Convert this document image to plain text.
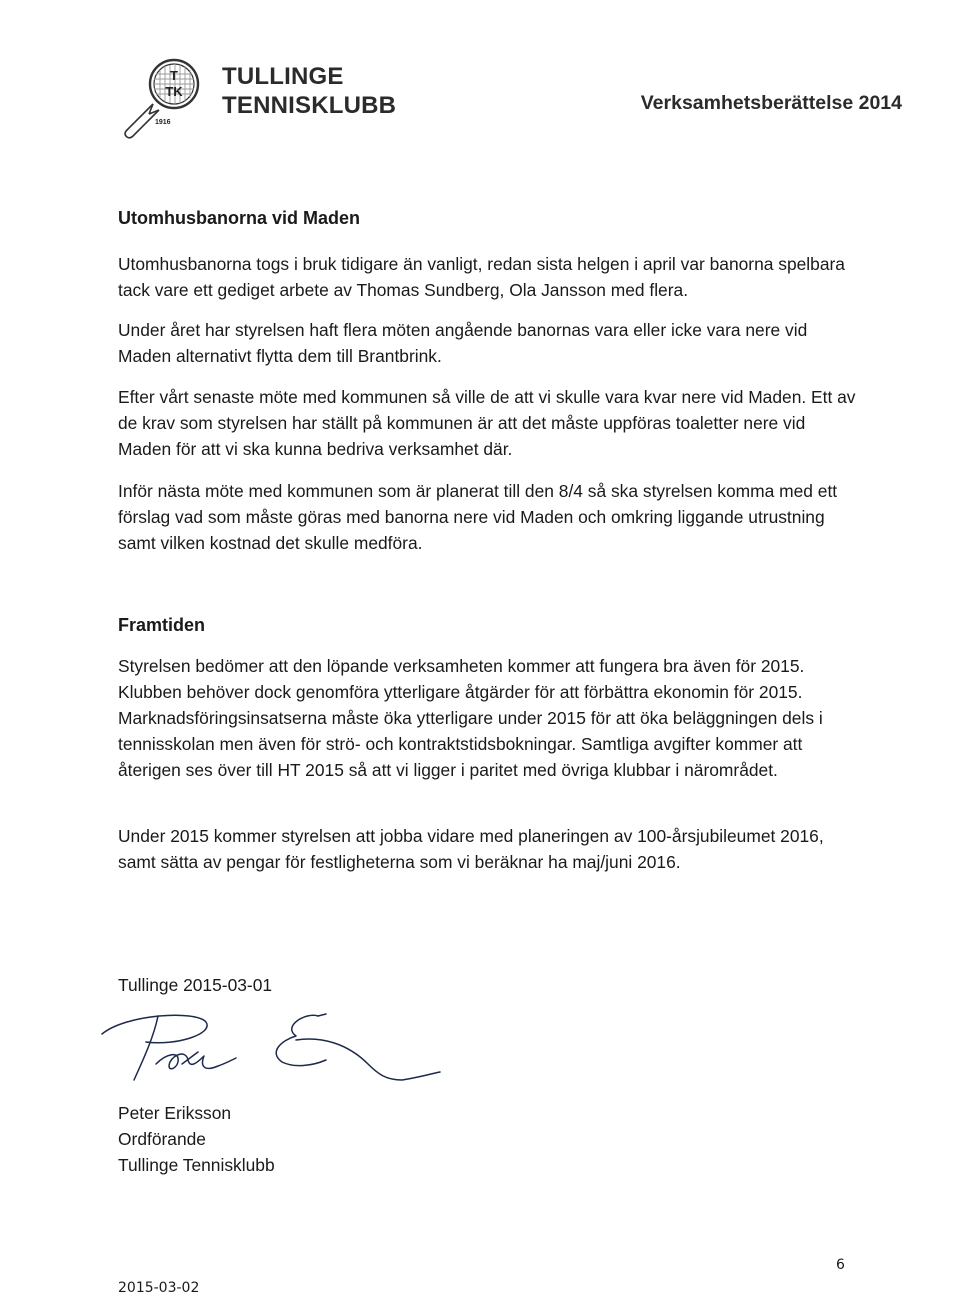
T
TK
1916
TULLINGE
TENNISKLUBB	Verksamhetsberättelse 2014
Utomhusbanorna vid Maden

Utomhusbanorna togs i bruk tidigare än vanligt, redan sista helgen i april var banorna spelbara tack vare ett gediget arbete av Thomas Sundberg, Ola Jansson med flera.

Under året har styrelsen haft flera möten angående banornas vara eller icke vara nere vid Maden alternativt flytta dem till Brantbrink.

Efter vårt senaste möte med kommunen så ville de att vi skulle vara kvar nere vid Maden. Ett av de krav som styrelsen har ställt på kommunen är att det måste uppföras toaletter nere vid Maden för att vi ska kunna bedriva verksamhet där.

Inför nästa möte med kommunen som är planerat till den 8/4 så ska styrelsen komma med ett förslag vad som måste göras med banorna nere vid Maden och omkring liggande utrustning samt vilken kostnad det skulle medföra.

Framtiden

Styrelsen bedömer att den löpande verksamheten kommer att fungera bra även för 2015. Klubben behöver dock genomföra ytterligare åtgärder för att förbättra ekonomin för 2015. Marknadsföringsinsatserna måste öka ytterligare under 2015 för att öka beläggningen dels i tennisskolan men även för strö- och kontraktstidsbokningar. Samtliga avgifter kommer att återigen ses över till HT 2015 så att vi ligger i paritet med övriga klubbar i närområdet.

Under 2015 kommer styrelsen att jobba vidare med planeringen av 100-årsjubileumet 2016, samt sätta av pengar för festligheterna som vi beräknar ha maj/juni 2016.

Tullinge 2015-03-01
Peter Eriksson
Ordförande
Tullinge Tennisklubb
6
2015-03-02
